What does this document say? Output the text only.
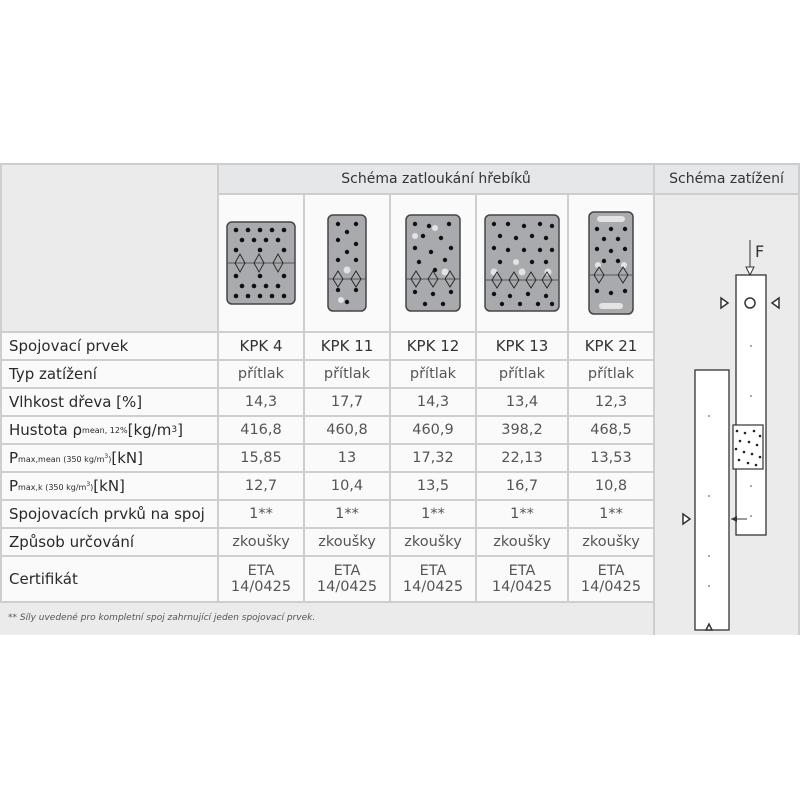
Schéma zatloukání hřebíků	Schéma zatížení
F
Spojovací prvek
Typ zatížení
Vlhkost dřeva [%]
Hustota ρ mean, 12% [kg/m 3 ]
P max,mean (350 $kg/m^3$) [kN]
P max,k (350 $kg/m^3$) [kN]
Spojovacích prvků na spoj
Způsob určování
Certifikát
KPK 4
přítlak
14,3
416,8
15,85
12,7
1**
zkoušky
ETA
14/0425
KPK 11
přítlak
17,7
460,8
13
10,4
1**
zkoušky
ETA
14/0425
KPK 12
přítlak
14,3
460,9
17,32
13,5
1**
zkoušky
ETA
14/0425
KPK 13
přítlak
13,4
398,2
22,13
16,7
1**
zkoušky
ETA
14/0425
KPK 21
přítlak
12,3
468,5
13,53
10,8
1**
zkoušky
ETA
14/0425
** Síly uvedené pro kompletní spoj zahrnující jeden spojovací prvek.
